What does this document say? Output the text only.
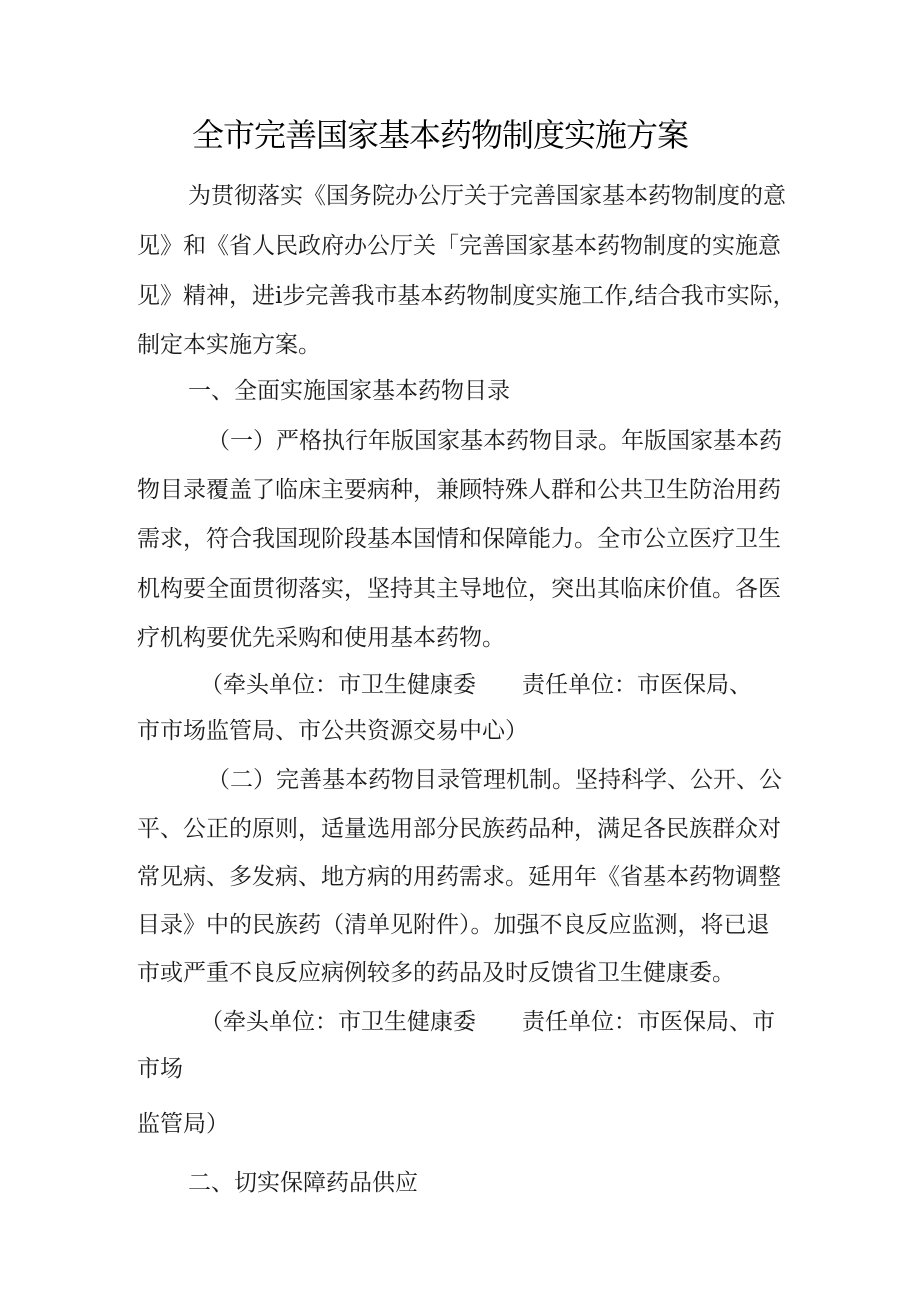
全市完善国家基本药物制度实施方案
为贯彻落实《国务院办公厅关于完善国家基本药物制度的意
见》和《省人民政府办公厅关「完善国家基本药物制度的实施意
见》精神，进i步完善我市基本药物制度实施工作,结合我市实际，
制定本实施方案。
一、全面实施国家基本药物目录
（一）严格执行年版国家基本药物目录。年版国家基本药
物目录覆盖了临床主要病种，兼顾特殊人群和公共卫生防治用药
需求，符合我国现阶段基本国情和保障能力。全市公立医疗卫生
机构要全面贯彻落实，坚持其主导地位，突出其临床价值。各医
疗机构要优先采购和使用基本药物。
（牵头单位：市卫生健康委　　责任单位：市医保局、
市市场监管局、市公共资源交易中心）
（二）完善基本药物目录管理机制。坚持科学、公开、公
平、公正的原则，适量选用部分民族药品种，满足各民族群众对
常见病、多发病、地方病的用药需求。延用年《省基本药物调整
目录》中的民族药（清单见附件）。加强不良反应监测，将已退
市或严重不良反应病例较多的药品及时反馈省卫生健康委。
（牵头单位：市卫生健康委　　责任单位：市医保局、市
市场
监管局）
二、切实保障药品供应
